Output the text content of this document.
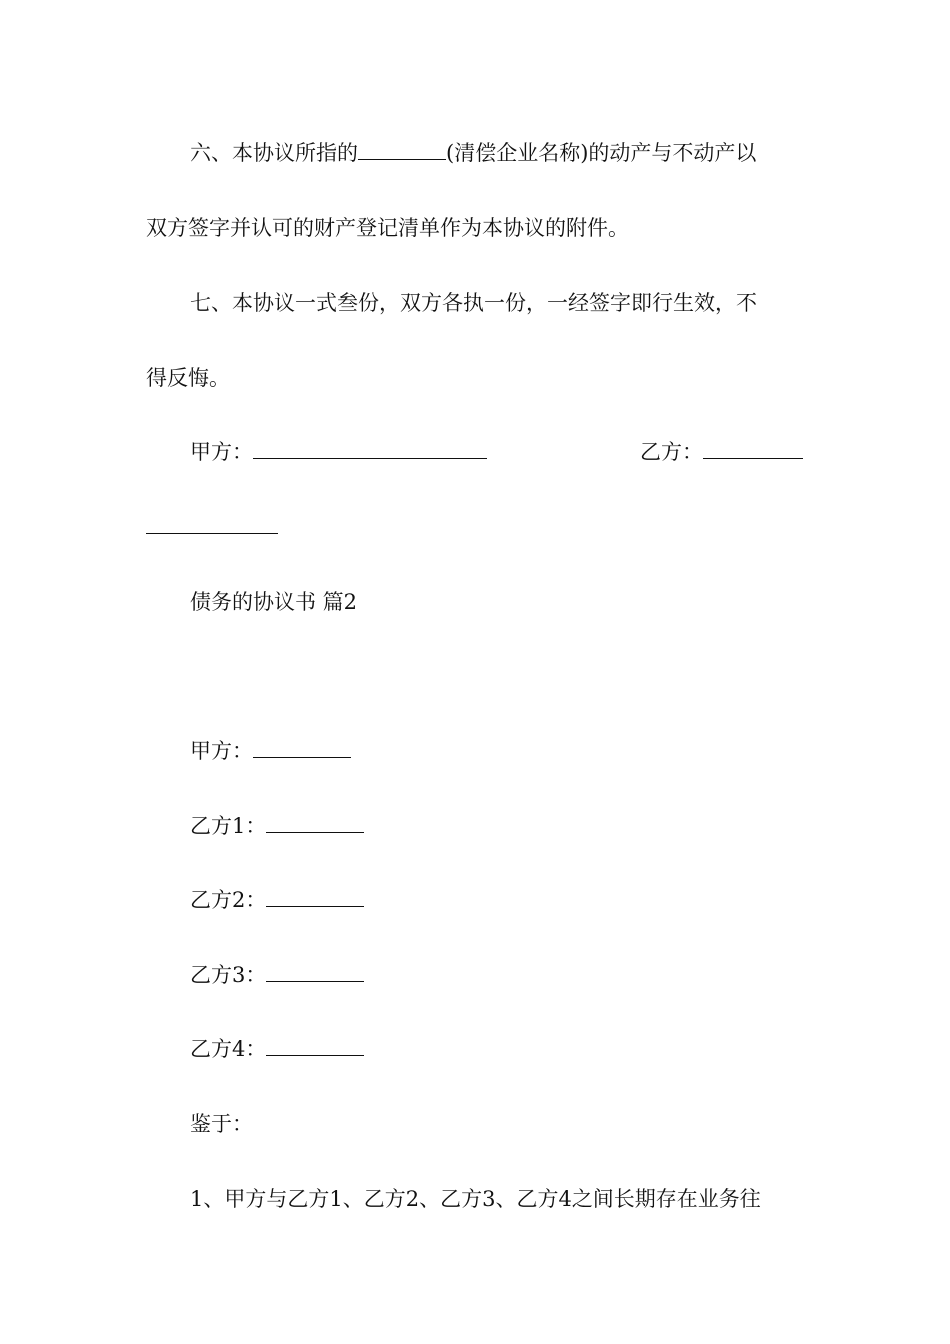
六、本协议所指的	(清偿企业名称)的动产与不动产以
双方签字并认可的财产登记清单作为本协议的附件。
七、本协议一式叁份，双方各执一份，一经签字即行生效，不
得反悔。
甲方：	乙方：
债务的协议书 篇2
甲方：
乙方1：
乙方2：
乙方3：
乙方4：
鉴于：
1、甲方与乙方1、乙方2、乙方3、乙方4之间长期存在业务往
